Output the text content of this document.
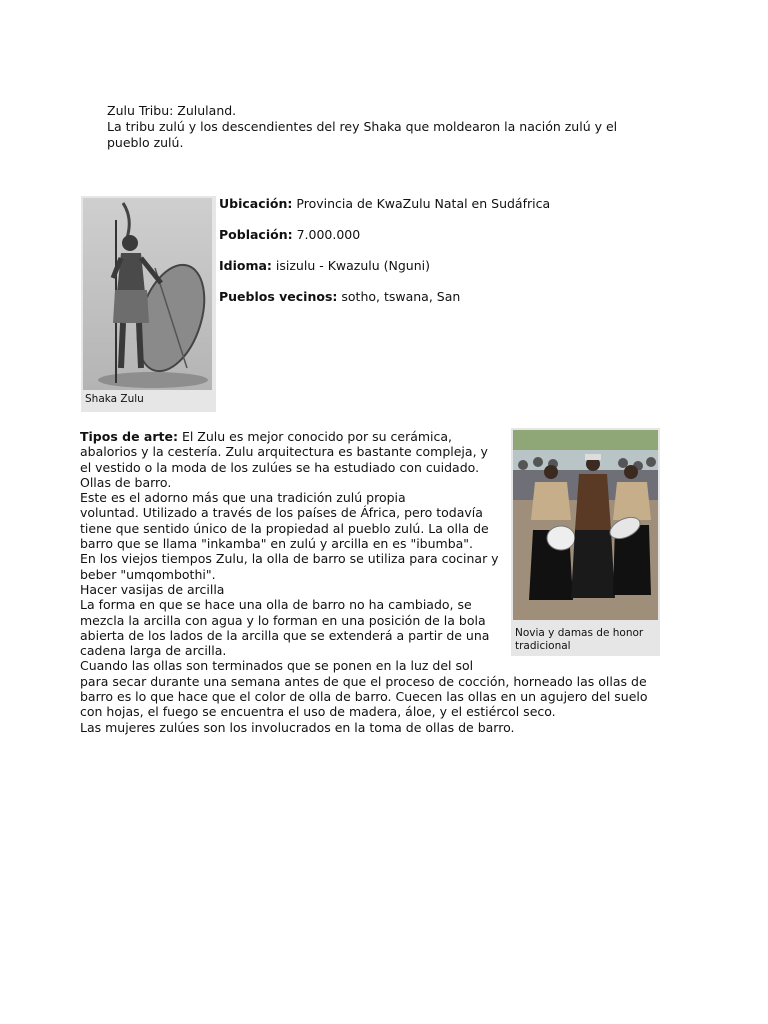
Zulu Tribu: Zululand.
La tribu zulú y los descendientes del rey Shaka que moldearon la nación zulú y el
pueblo zulú.
Shaka Zulu
Ubicación: Provincia de KwaZulu Natal en Sudáfrica
Población: 7.000.000
Idioma: isizulu - Kwazulu (Nguni)
Pueblos vecinos: sotho, tswana, San
Novia y damas de honor tradicional
Tipos de arte: El Zulu es mejor conocido por su cerámica,
abalorios y la cestería. Zulu arquitectura es bastante compleja, y
el vestido o la moda de los zulúes se ha estudiado con cuidado.
Ollas de barro.
Este es el adorno más que una tradición zulú propia
voluntad. Utilizado a través de los países de África, pero todavía
tiene que sentido único de la propiedad al pueblo zulú. La olla de
barro que se llama "inkamba" en zulú y arcilla en es "ibumba".
En los viejos tiempos Zulu, la olla de barro se utiliza para cocinar y
beber "umqombothi".
Hacer vasijas de arcilla
La forma en que se hace una olla de barro no ha cambiado, se
mezcla la arcilla con agua y lo forman en una posición de la bola
abierta de los lados de la arcilla que se extenderá a partir de una
cadena larga de arcilla.
Cuando las ollas son terminados que se ponen en la luz del sol
para secar durante una semana antes de que el proceso de cocción, horneado las ollas de
barro es lo que hace que el color de olla de barro. Cuecen las ollas en un agujero del suelo
con hojas, el fuego se encuentra el uso de madera, áloe, y el estiércol seco.
Las mujeres zulúes son los involucrados en la toma de ollas de barro.
